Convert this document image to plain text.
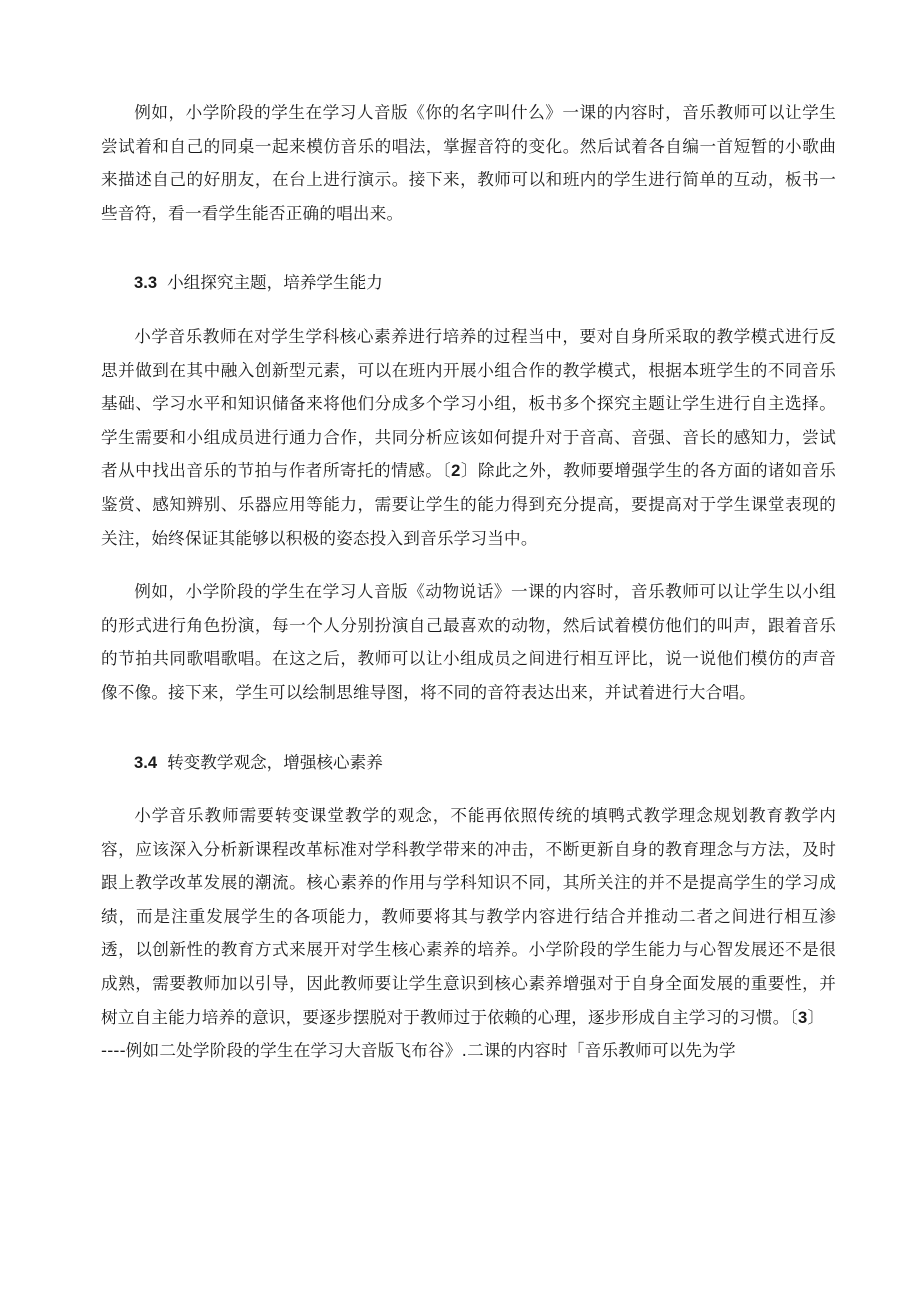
例如，小学阶段的学生在学习人音版《你的名字叫什么》一课的内容时，音乐教师可以让学生尝试着和自己的同桌一起来模仿音乐的唱法，掌握音符的变化。然后试着各自编一首短暂的小歌曲来描述自己的好朋友，在台上进行演示。接下来，教师可以和班内的学生进行简单的互动，板书一些音符，看一看学生能否正确的唱出来。

3.3 小组探究主题，培养学生能力

小学音乐教师在对学生学科核心素养进行培养的过程当中，要对自身所采取的教学模式进行反思并做到在其中融入创新型元素，可以在班内开展小组合作的教学模式，根据本班学生的不同音乐基础、学习水平和知识储备来将他们分成多个学习小组，板书多个探究主题让学生进行自主选择。学生需要和小组成员进行通力合作，共同分析应该如何提升对于音高、音强、音长的感知力，尝试者从中找出音乐的节拍与作者所寄托的情感。〔2〕除此之外，教师要增强学生的各方面的诸如音乐鉴赏、感知辨别、乐器应用等能力，需要让学生的能力得到充分提高，要提高对于学生课堂表现的关注，始终保证其能够以积极的姿态投入到音乐学习当中。

例如，小学阶段的学生在学习人音版《动物说话》一课的内容时，音乐教师可以让学生以小组的形式进行角色扮演，每一个人分别扮演自己最喜欢的动物，然后试着模仿他们的叫声，跟着音乐的节拍共同歌唱歌唱。在这之后，教师可以让小组成员之间进行相互评比，说一说他们模仿的声音像不像。接下来，学生可以绘制思维导图，将不同的音符表达出来，并试着进行大合唱。

3.4 转变教学观念，增强核心素养

小学音乐教师需要转变课堂教学的观念，不能再依照传统的填鸭式教学理念规划教育教学内容，应该深入分析新课程改革标准对学科教学带来的冲击，不断更新自身的教育理念与方法，及时跟上教学改革发展的潮流。核心素养的作用与学科知识不同，其所关注的并不是提高学生的学习成绩，而是注重发展学生的各项能力，教师要将其与教学内容进行结合并推动二者之间进行相互渗透，以创新性的教育方式来展开对学生核心素养的培养。小学阶段的学生能力与心智发展还不是很成熟，需要教师加以引导，因此教师要让学生意识到核心素养增强对于自身全面发展的重要性，并树立自主能力培养的意识，要逐步摆脱对于教师过于依赖的心理，逐步形成自主学习的习惯。〔3〕

----例如二处学阶段的学生在学习大音版飞布谷》.二课的内容时「音乐教师可以先为学
